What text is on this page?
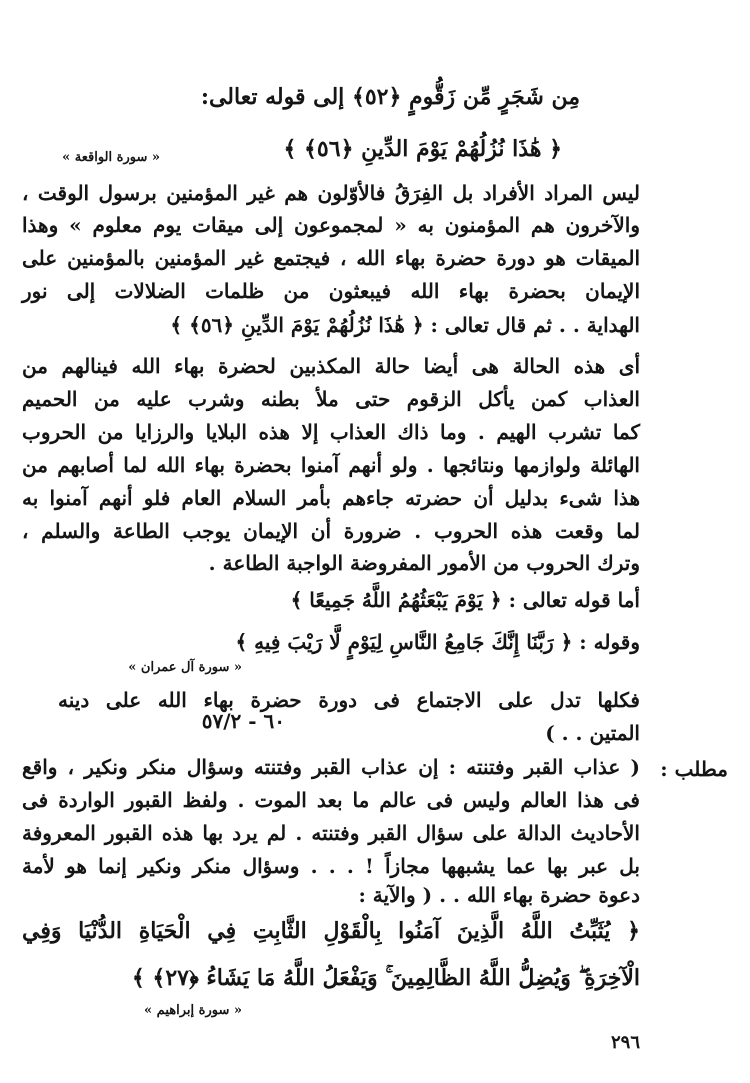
مِن شَجَرٍ مِّن زَقُّومٍ ﴿٥٢﴾ إلى قوله تعالى:
﴿ هَٰذَا نُزُلُهُمْ يَوْمَ الدِّينِ ﴿٥٦﴾ ﴾
« سورة الواقعة »
ليس المراد الأفراد بل الفِرَقُ فالأوّلون هم غير المؤمنين برسول الوقت ،
والآخرون هم المؤمنون به « لمجموعون إلى ميقات يوم معلوم » وهذا
الميقات هو دورة حضرة بهاء الله ، فيجتمع غير المؤمنين بالمؤمنين على
الإيمان بحضرة بهاء الله فيبعثون من ظلمات الضلالات إلى نور
الهداية . . ثم قال تعالى : ﴿ هَٰذَا نُزُلُهُمْ يَوْمَ الدِّينِ ﴿٥٦﴾ ﴾
أى هذه الحالة هى أيضا حالة المكذبين لحضرة بهاء الله فينالهم من
العذاب كمن يأكل الزقوم حتى ملأ بطنه وشرب عليه من الحميم
كما تشرب الهيم . وما ذاك العذاب إلا هذه البلايا والرزايا من الحروب
الهائلة ولوازمها ونتائجها . ولو أنهم آمنوا بحضرة بهاء الله لما أصابهم من
هذا شىء بدليل أن حضرته جاءهم بأمر السلام العام فلو أنهم آمنوا به
لما وقعت هذه الحروب . ضرورة أن الإيمان يوجب الطاعة والسلم ،
وترك الحروب من الأمور المفروضة الواجبة الطاعة .
أما قوله تعالى : ﴿ يَوْمَ يَبْعَثُهُمُ اللَّهُ جَمِيعًا ﴾
وقوله : ﴿ رَبَّنَا إِنَّكَ جَامِعُ النَّاسِ لِيَوْمٍ لَّا رَيْبَ فِيهِ ﴾
« سورة آل عمران »
فكلها تدل على الاجتماع فى دورة حضرة بهاء الله على دينه
٦٠ - ٥٧/٢	المتين . . )
مطلب :
( عذاب القبر وفتنته : إن عذاب القبر وفتنته وسؤال منكر ونكير ، واقع
فى هذا العالم وليس فى عالم ما بعد الموت . ولفظ القبور الواردة فى
الأحاديث الدالة على سؤال القبر وفتنته . لم يرد بها هذه القبور المعروفة
بل عبر بها عما يشبهها مجازاً ! . . . وسؤال منكر ونكير إنما هو لأمة
دعوة حضرة بهاء الله . . ( والآية :
﴿ يُثَبِّتُ اللَّهُ الَّذِينَ آمَنُوا بِالْقَوْلِ الثَّابِتِ فِي الْحَيَاةِ الدُّنْيَا وَفِي
الْآخِرَةِ ۖ وَيُضِلُّ اللَّهُ الظَّالِمِينَ ۚ وَيَفْعَلُ اللَّهُ مَا يَشَاءُ ﴿٢٧﴾ ﴾
« سورة إبراهيم »
٢٩٦
